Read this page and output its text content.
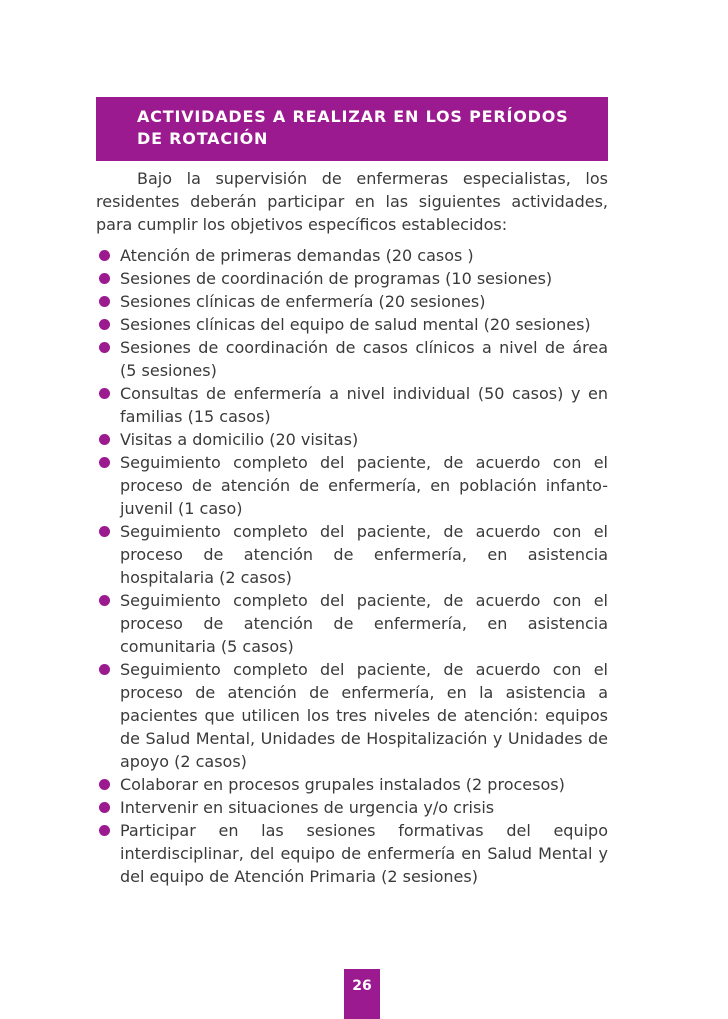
ACTIVIDADES A REALIZAR EN LOS PERÍODOS DE ROTACIÓN

Bajo la supervisión de enfermeras especialistas, los residentes deberán participar en las siguientes actividades, para cumplir los objetivos específicos establecidos:

Atención de primeras demandas (20 casos )
Sesiones de coordinación de programas (10 sesiones)
Sesiones clínicas de enfermería (20 sesiones)
Sesiones clínicas del equipo de salud mental (20 sesiones)
Sesiones de coordinación de casos clínicos a nivel de área (5 sesiones)
Consultas de enfermería a nivel individual (50 casos) y en familias (15 casos)
Visitas a domicilio (20 visitas)
Seguimiento completo del paciente, de acuerdo con el proceso de atención de enfermería, en población infanto-juvenil (1 caso)
Seguimiento completo del paciente, de acuerdo con el proceso de atención de enfermería, en asistencia hospitalaria (2 casos)
Seguimiento completo del paciente, de acuerdo con el proceso de atención de enfermería, en asistencia comunitaria (5 casos)
Seguimiento completo del paciente, de acuerdo con el proceso de atención de enfermería, en la asistencia a pacientes que utilicen los tres niveles de atención: equipos de Salud Mental, Unidades de Hospitalización y Unidades de apoyo (2 casos)
Colaborar en procesos grupales instalados (2 procesos)
Intervenir en situaciones de urgencia y/o crisis
Participar en las sesiones formativas del equipo interdisciplinar, del equipo de enfermería en Salud Mental y del equipo de Atención Primaria (2 sesiones)
26
